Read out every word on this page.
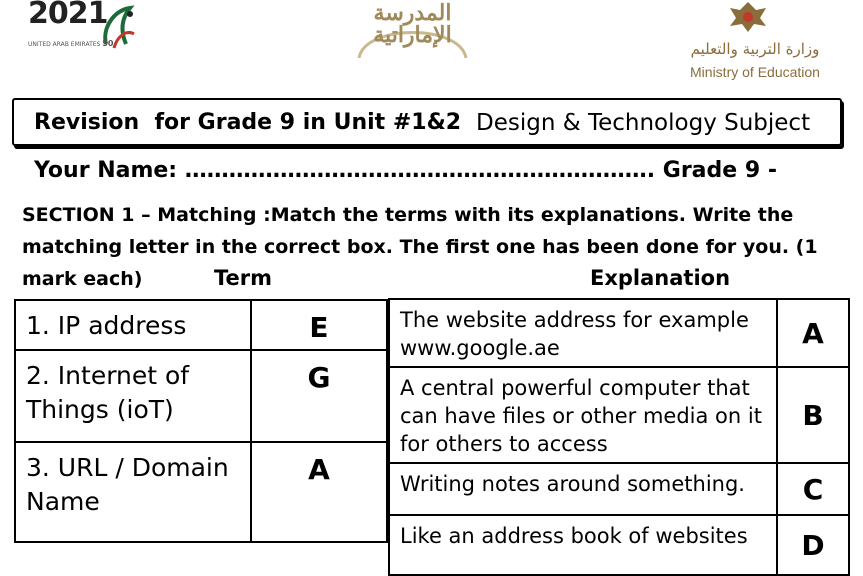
2021
UNITED ARAB EMIRATES 50
المدرسة الإماراتية
وزارة التربية والتعليم
Ministry of Education
Revision  for Grade 9 in Unit #1&2 Design & Technology Subject
Your Name: ………………………………………………………. Grade 9 -
SECTION 1 – Matching :Match the terms with its explanations. Write the matching letter in the correct box. The first one has been done for you. (1 mark each)	Term	Explanation
1. IP address	E
2. Internet of Things (ioT)	G
3. URL / Domain Name	A
The website address for example www.google.ae	A
A central powerful computer that can have files or other media on it for others to access	B
Writing notes around something.	C
Like an address book of websites	D
